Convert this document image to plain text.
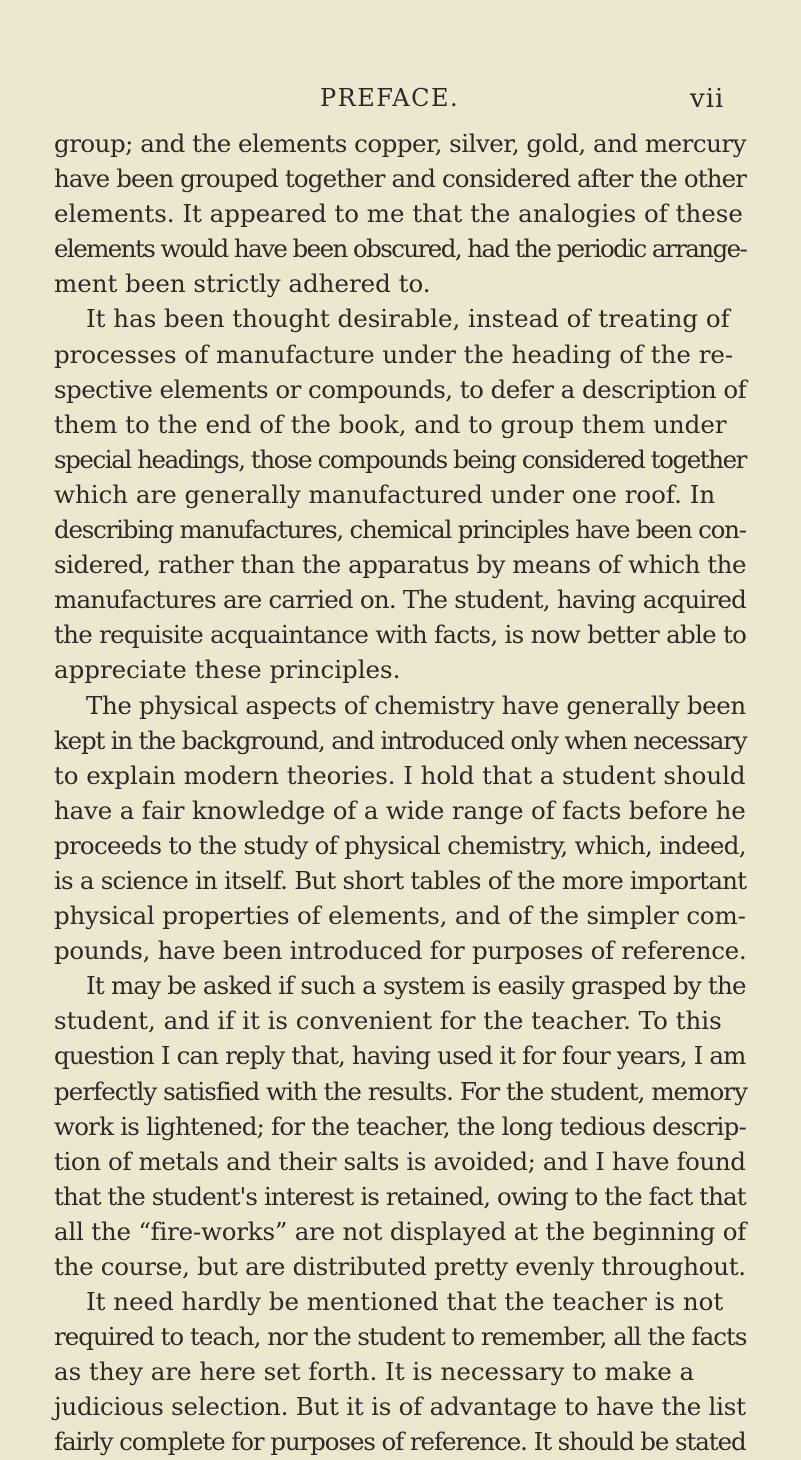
PREFACE.	vii
group; and the elements copper, silver, gold, and mercury
have been grouped together and considered after the other
elements. It appeared to me that the analogies of these
elements would have been obscured, had the periodic arrange-
ment been strictly adhered to.
It has been thought desirable, instead of treating of
processes of manufacture under the heading of the re-
spective elements or compounds, to defer a description of
them to the end of the book, and to group them under
special headings, those compounds being considered together
which are generally manufactured under one roof. In
describing manufactures, chemical principles have been con-
sidered, rather than the apparatus by means of which the
manufactures are carried on. The student, having acquired
the requisite acquaintance with facts, is now better able to
appreciate these principles.
The physical aspects of chemistry have generally been
kept in the background, and introduced only when necessary
to explain modern theories. I hold that a student should
have a fair knowledge of a wide range of facts before he
proceeds to the study of physical chemistry, which, indeed,
is a science in itself. But short tables of the more important
physical properties of elements, and of the simpler com-
pounds, have been introduced for purposes of reference.
It may be asked if such a system is easily grasped by the
student, and if it is convenient for the teacher. To this
question I can reply that, having used it for four years, I am
perfectly satisfied with the results. For the student, memory
work is lightened; for the teacher, the long tedious descrip-
tion of metals and their salts is avoided; and I have found
that the student's interest is retained, owing to the fact that
all the “fire-works” are not displayed at the beginning of
the course, but are distributed pretty evenly throughout.
It need hardly be mentioned that the teacher is not
required to teach, nor the student to remember, all the facts
as they are here set forth. It is necessary to make a
judicious selection. But it is of advantage to have the list
fairly complete for purposes of reference. It should be stated
